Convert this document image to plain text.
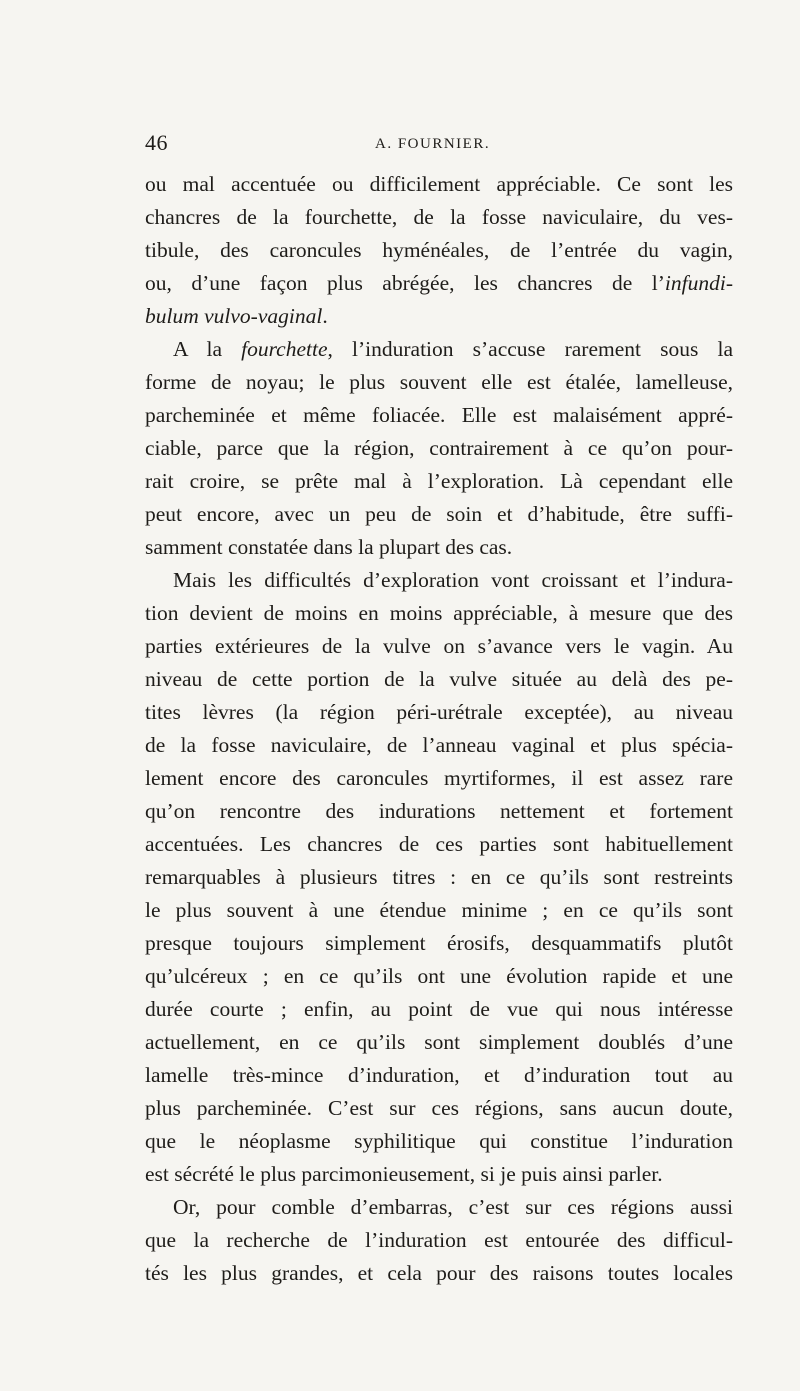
46	A. FOURNIER.
ou mal accentuée ou difficilement appréciable. Ce sont les
chancres de la fourchette, de la fosse naviculaire, du ves-
tibule, des caroncules hyménéales, de l’entrée du vagin,
ou, d’une façon plus abrégée, les chancres de l’infundi-
bulum vulvo-vaginal.
A la fourchette, l’induration s’accuse rarement sous la
forme de noyau; le plus souvent elle est étalée, lamelleuse,
parcheminée et même foliacée. Elle est malaisément appré-
ciable, parce que la région, contrairement à ce qu’on pour-
rait croire, se prête mal à l’exploration. Là cependant elle
peut encore, avec un peu de soin et d’habitude, être suffi-
samment constatée dans la plupart des cas.
Mais les difficultés d’exploration vont croissant et l’indura-
tion devient de moins en moins appréciable, à mesure que des
parties extérieures de la vulve on s’avance vers le vagin. Au
niveau de cette portion de la vulve située au delà des pe-
tites lèvres (la région péri-urétrale exceptée), au niveau
de la fosse naviculaire, de l’anneau vaginal et plus spécia-
lement encore des caroncules myrtiformes, il est assez rare
qu’on rencontre des indurations nettement et fortement
accentuées. Les chancres de ces parties sont habituellement
remarquables à plusieurs titres : en ce qu’ils sont restreints
le plus souvent à une étendue minime ; en ce qu’ils sont
presque toujours simplement érosifs, desquammatifs plutôt
qu’ulcéreux ; en ce qu’ils ont une évolution rapide et une
durée courte ; enfin, au point de vue qui nous intéresse
actuellement, en ce qu’ils sont simplement doublés d’une
lamelle très-mince d’induration, et d’induration tout au
plus parcheminée. C’est sur ces régions, sans aucun doute,
que le néoplasme syphilitique qui constitue l’induration
est sécrété le plus parcimonieusement, si je puis ainsi parler.
Or, pour comble d’embarras, c’est sur ces régions aussi
que la recherche de l’induration est entourée des difficul-
tés les plus grandes, et cela pour des raisons toutes locales
